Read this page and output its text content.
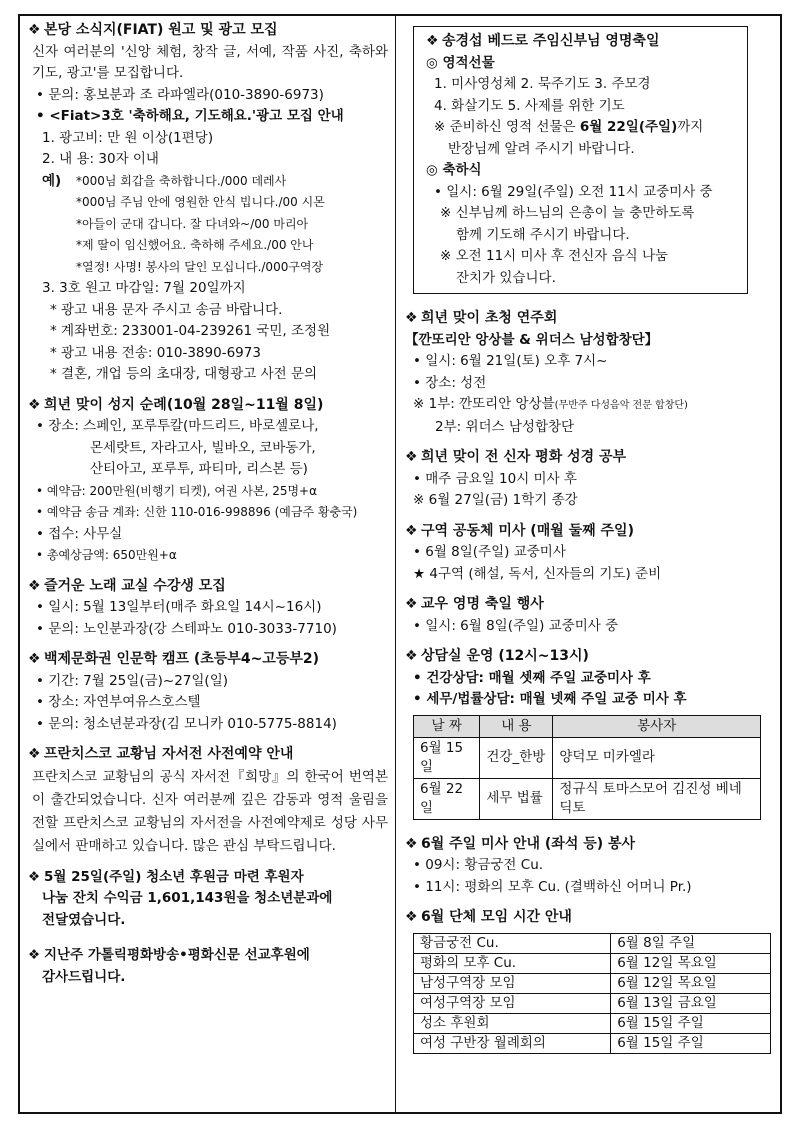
❖ 본당 소식지(FIAT) 원고 및 광고 모집
신자 여러분의 '신앙 체험, 창작 글, 서예, 작품 사진, 축하와 기도, 광고'를 모집합니다.
• 문의: 홍보분과 조 라파엘라(010-3890-6973)
• <Fiat>3호 '축하해요, 기도해요.'광고 모집 안내
1. 광고비: 만 원 이상(1편당)
2. 내 용: 30자 이내
예)	*000님 회갑을 축하합니다./000 데레사
*000님 주님 안에 영원한 안식 빕니다./00 시몬
*아들이 군대 갑니다. 잘 다녀와~/00 마리아
*제 딸이 임신했어요. 축하해 주세요./00 안나
*열정! 사명! 봉사의 달인 모십니다./000구역장
3. 3호 원고 마감일: 7월 20일까지
* 광고 내용 문자 주시고 송금 바랍니다.
* 계좌번호: 233001-04-239261 국민, 조정원
* 광고 내용 전송: 010-3890-6973
* 결혼, 개업 등의 초대장, 대형광고 사전 문의
❖ 희년 맞이 성지 순례(10월 28일~11월 8일)
• 장소: 스페인, 포루투칼(마드리드, 바로셀로나,
몬세랏트, 자라고사, 빌바오, 코바동가,
산티아고, 포루투, 파티마, 리스본 등)
• 예약금: 200만원(비행기 티켓), 여권 사본, 25명+α
• 예약금 송금 계좌: 신한 110-016-998896 (예금주 황충국)
• 접수: 사무실
• 총예상금액: 650만원+α
❖ 즐거운 노래 교실 수강생 모집
• 일시: 5월 13일부터(매주 화요일 14시~16시)
• 문의: 노인분과장(강 스테파노 010-3033-7710)
❖ 백제문화권 인문학 캠프 (초등부4~고등부2)
• 기간: 7월 25일(금)~27일(일)
• 장소: 자연부여유스호스텔
• 문의: 청소년분과장(김 모니카 010-5775-8814)
❖ 프란치스코 교황님 자서전 사전예약 안내
프란치스코 교황님의 공식 자서전『희망』의 한국어 번역본이 출간되었습니다. 신자 여러분께 깊은 감동과 영적 울림을 전할 프란치스코 교황님의 자서전을 사전예약제로 성당 사무실에서 판매하고 있습니다. 많은 관심 부탁드립니다.
❖ 5월 25일(주일) 청소년 후원금 마련 후원자
나눔 잔치 수익금 1,601,143원을 청소년분과에
전달였습니다.
❖ 지난주 가톨릭평화방송•평화신문 선교후원에
감사드립니다.
❖ 송경섭 베드로 주임신부님 영명축일
◎ 영적선물
1. 미사영성체 2. 묵주기도 3. 주모경
4. 화살기도 5. 사제를 위한 기도
※ 준비하신 영적 선물은 6월 22일(주일)까지
반장님께 알려 주시기 바랍니다.
◎ 축하식
• 일시: 6월 29일(주일) 오전 11시 교중미사 중
※ 신부님께 하느님의 은총이 늘 충만하도록
함께 기도해 주시기 바랍니다.
※ 오전 11시 미사 후 전신자 음식 나눔
잔치가 있습니다.
❖ 희년 맞이 초청 연주회
【깐또리안 앙상블 & 위더스 남성합창단】
• 일시: 6월 21일(토) 오후 7시~
• 장소: 성전
※ 1부: 깐또리안 앙상블(무반주 다성음악 전문 합창단)
2부: 위더스 남성합창단
❖ 희년 맞이 전 신자 평화 성경 공부
• 매주 금요일 10시 미사 후
※ 6월 27일(금) 1학기 종강
❖ 구역 공동체 미사 (매월 둘째 주일)
• 6월 8일(주일) 교중미사
★ 4구역 (해설, 독서, 신자들의 기도) 준비
❖ 교우 영명 축일 행사
• 일시: 6월 8일(주일) 교중미사 중
❖ 상담실 운영 (12시~13시)
• 건강상담: 매월 셋째 주일 교중미사 후
• 세무/법률상담: 매월 넷째 주일 교중 미사 후
날 짜	내 용	봉사자
6월 15일	건강_한방	양덕모 미카엘라
6월 22일	세무 법률	정규식 토마스모어 김진성 베네딕토
❖ 6월 주일 미사 안내 (좌석 등) 봉사
• 09시: 황금궁전 Cu.
• 11시: 평화의 모후 Cu. (결백하신 어머니 Pr.)
❖ 6월 단체 모임 시간 안내
황금궁전 Cu.	6월 8일 주일
평화의 모후 Cu.	6월 12일 목요일
남성구역장 모임	6월 12일 목요일
여성구역장 모임	6월 13일 금요일
성소 후원회	6월 15일 주일
여성 구반장 월례회의	6월 15일 주일
